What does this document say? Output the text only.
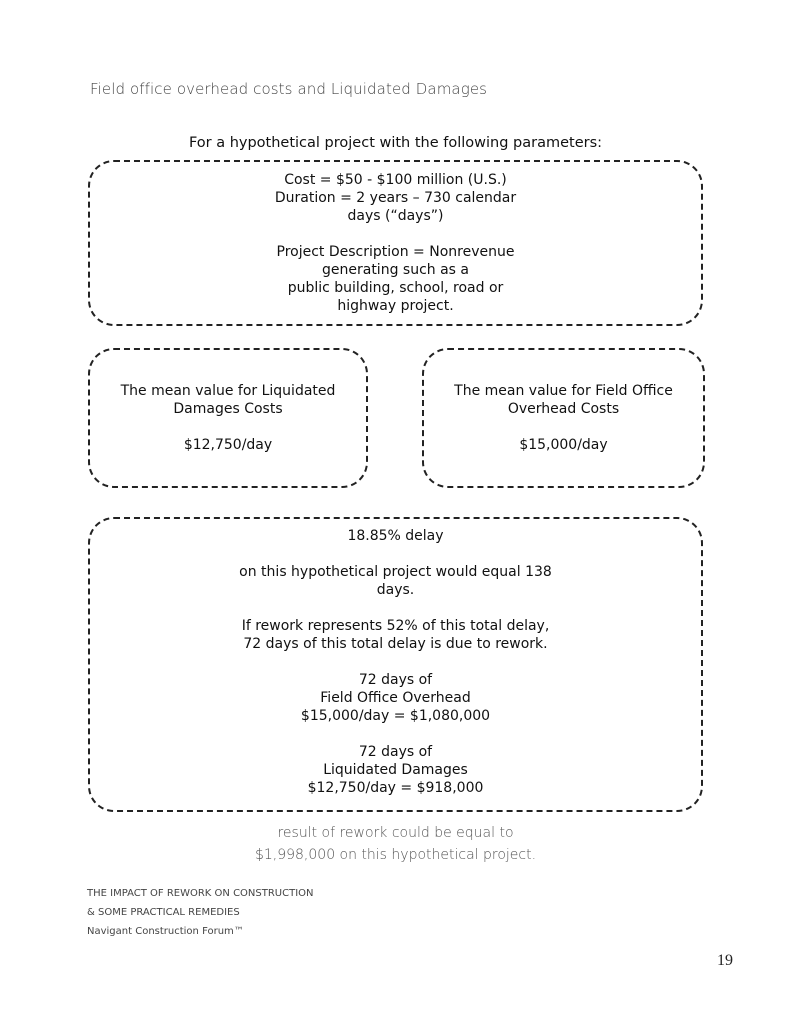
Field office overhead costs and Liquidated Damages
For a hypothetical project with the following parameters:

Cost = $50 - $100 million (U.S.)

Duration = 2 years – 730 calendar

days (“days”)

Project Description = Nonrevenue

generating such as a

public building, school, road or

highway project.

The mean value for Liquidated

Damages Costs

$12,750/day

The mean value for Field Office

Overhead Costs

$15,000/day

18.85% delay

on this hypothetical project would equal 138

days.

If rework represents 52% of this total delay,

72 days of this total delay is due to rework.

72 days of

Field Office Overhead

$15,000/day = $1,080,000

72 days of

Liquidated Damages

$12,750/day = $918,000

result of rework could be equal to
$1,998,000 on this hypothetical project.
THE IMPACT OF REWORK ON CONSTRUCTION
& SOME PRACTICAL REMEDIES
Navigant Construction Forum™
19
